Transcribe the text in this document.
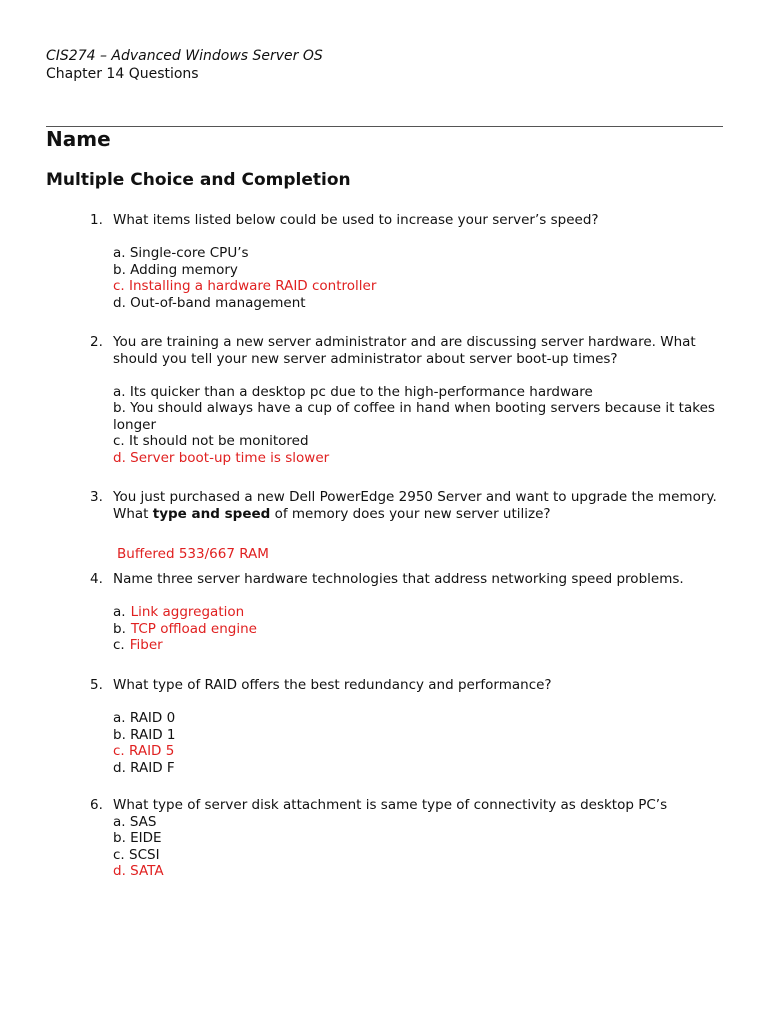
CIS274 – Advanced Windows Server OS
Chapter 14 Questions
Name
Multiple Choice and Completion
1. What items listed below could be used to increase your server’s speed?
a. Single-core CPU’s
b. Adding memory
c. Installing a hardware RAID controller
d. Out-of-band management
2. You are training a new server administrator and are discussing server hardware. What should you tell your new server administrator about server boot-up times?
a. Its quicker than a desktop pc due to the high-performance hardware
b. You should always have a cup of coffee in hand when booting servers because it takes longer
c. It should not be monitored
d. Server boot-up time is slower
3. You just purchased a new Dell PowerEdge 2950 Server and want to upgrade the memory. What type and speed of memory does your new server utilize?
Buffered 533/667 RAM
4. Name three server hardware technologies that address networking speed problems.
a. Link aggregation
b. TCP offload engine
c. Fiber
5. What type of RAID offers the best redundancy and performance?
a. RAID 0
b. RAID 1
c. RAID 5
d. RAID F
6. What type of server disk attachment is same type of connectivity as desktop PC’s
a. SAS
b. EIDE
c. SCSI
d. SATA
